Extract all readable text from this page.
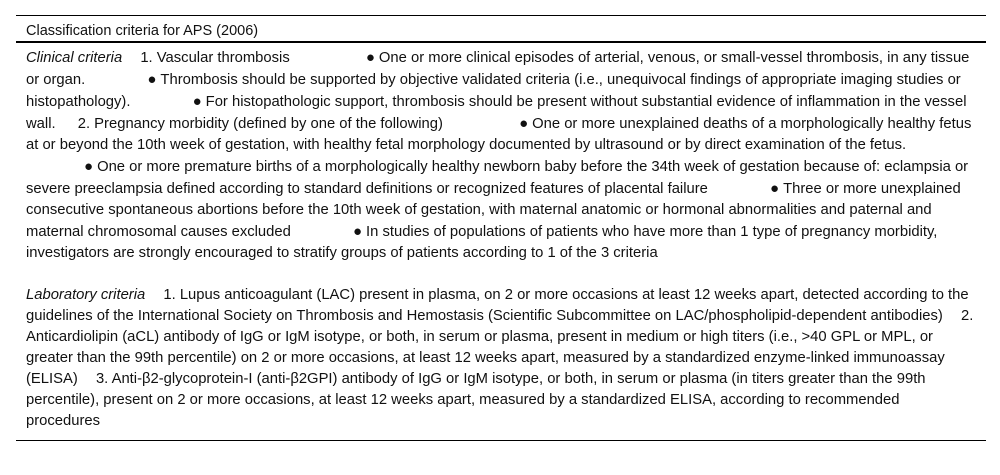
Classification criteria for APS (2006)

Clinical criteria 1. Vascular thrombosis	● One or more clinical episodes of arterial, venous, or small-vessel thrombosis, in any tissue or organ.	● Thrombosis should be supported by objective validated criteria (i.e., unequivocal findings of appropriate imaging studies or histopathology).	● For histopathologic support, thrombosis should be present without substantial evidence of inflammation in the vessel wall. 2. Pregnancy morbidity (defined by one of the following)	● One or more unexplained deaths of a morphologically healthy fetus at or beyond the 10th week of gestation, with healthy fetal morphology documented by ultrasound or by direct examination of the fetus. ● One or more premature births of a morphologically healthy newborn baby before the 34th week of gestation because of: eclampsia or severe preeclampsia defined according to standard definitions or recognized features of placental failure	● Three or more unexplained consecutive spontaneous abortions before the 10th week of gestation, with maternal anatomic or hormonal abnormalities and paternal and maternal chromosomal causes excluded	● In studies of populations of patients who have more than 1 type of pregnancy morbidity, investigators are strongly encouraged to stratify groups of patients according to 1 of the 3 criteria

Laboratory criteria 1. Lupus anticoagulant (LAC) present in plasma, on 2 or more occasions at least 12 weeks apart, detected according to the guidelines of the International Society on Thrombosis and Hemostasis (Scientific Subcommittee on LAC/phospholipid-dependent antibodies) 2. Anticardiolipin (aCL) antibody of IgG or IgM isotype, or both, in serum or plasma, present in medium or high titers (i.e., >40 GPL or MPL, or greater than the 99th percentile) on 2 or more occasions, at least 12 weeks apart, measured by a standardized enzyme-linked immunoassay (ELISA) 3. Anti-β2-glycoprotein-I (anti-β2GPI) antibody of IgG or IgM isotype, or both, in serum or plasma (in titers greater than the 99th percentile), present on 2 or more occasions, at least 12 weeks apart, measured by a standardized ELISA, according to recommended procedures
